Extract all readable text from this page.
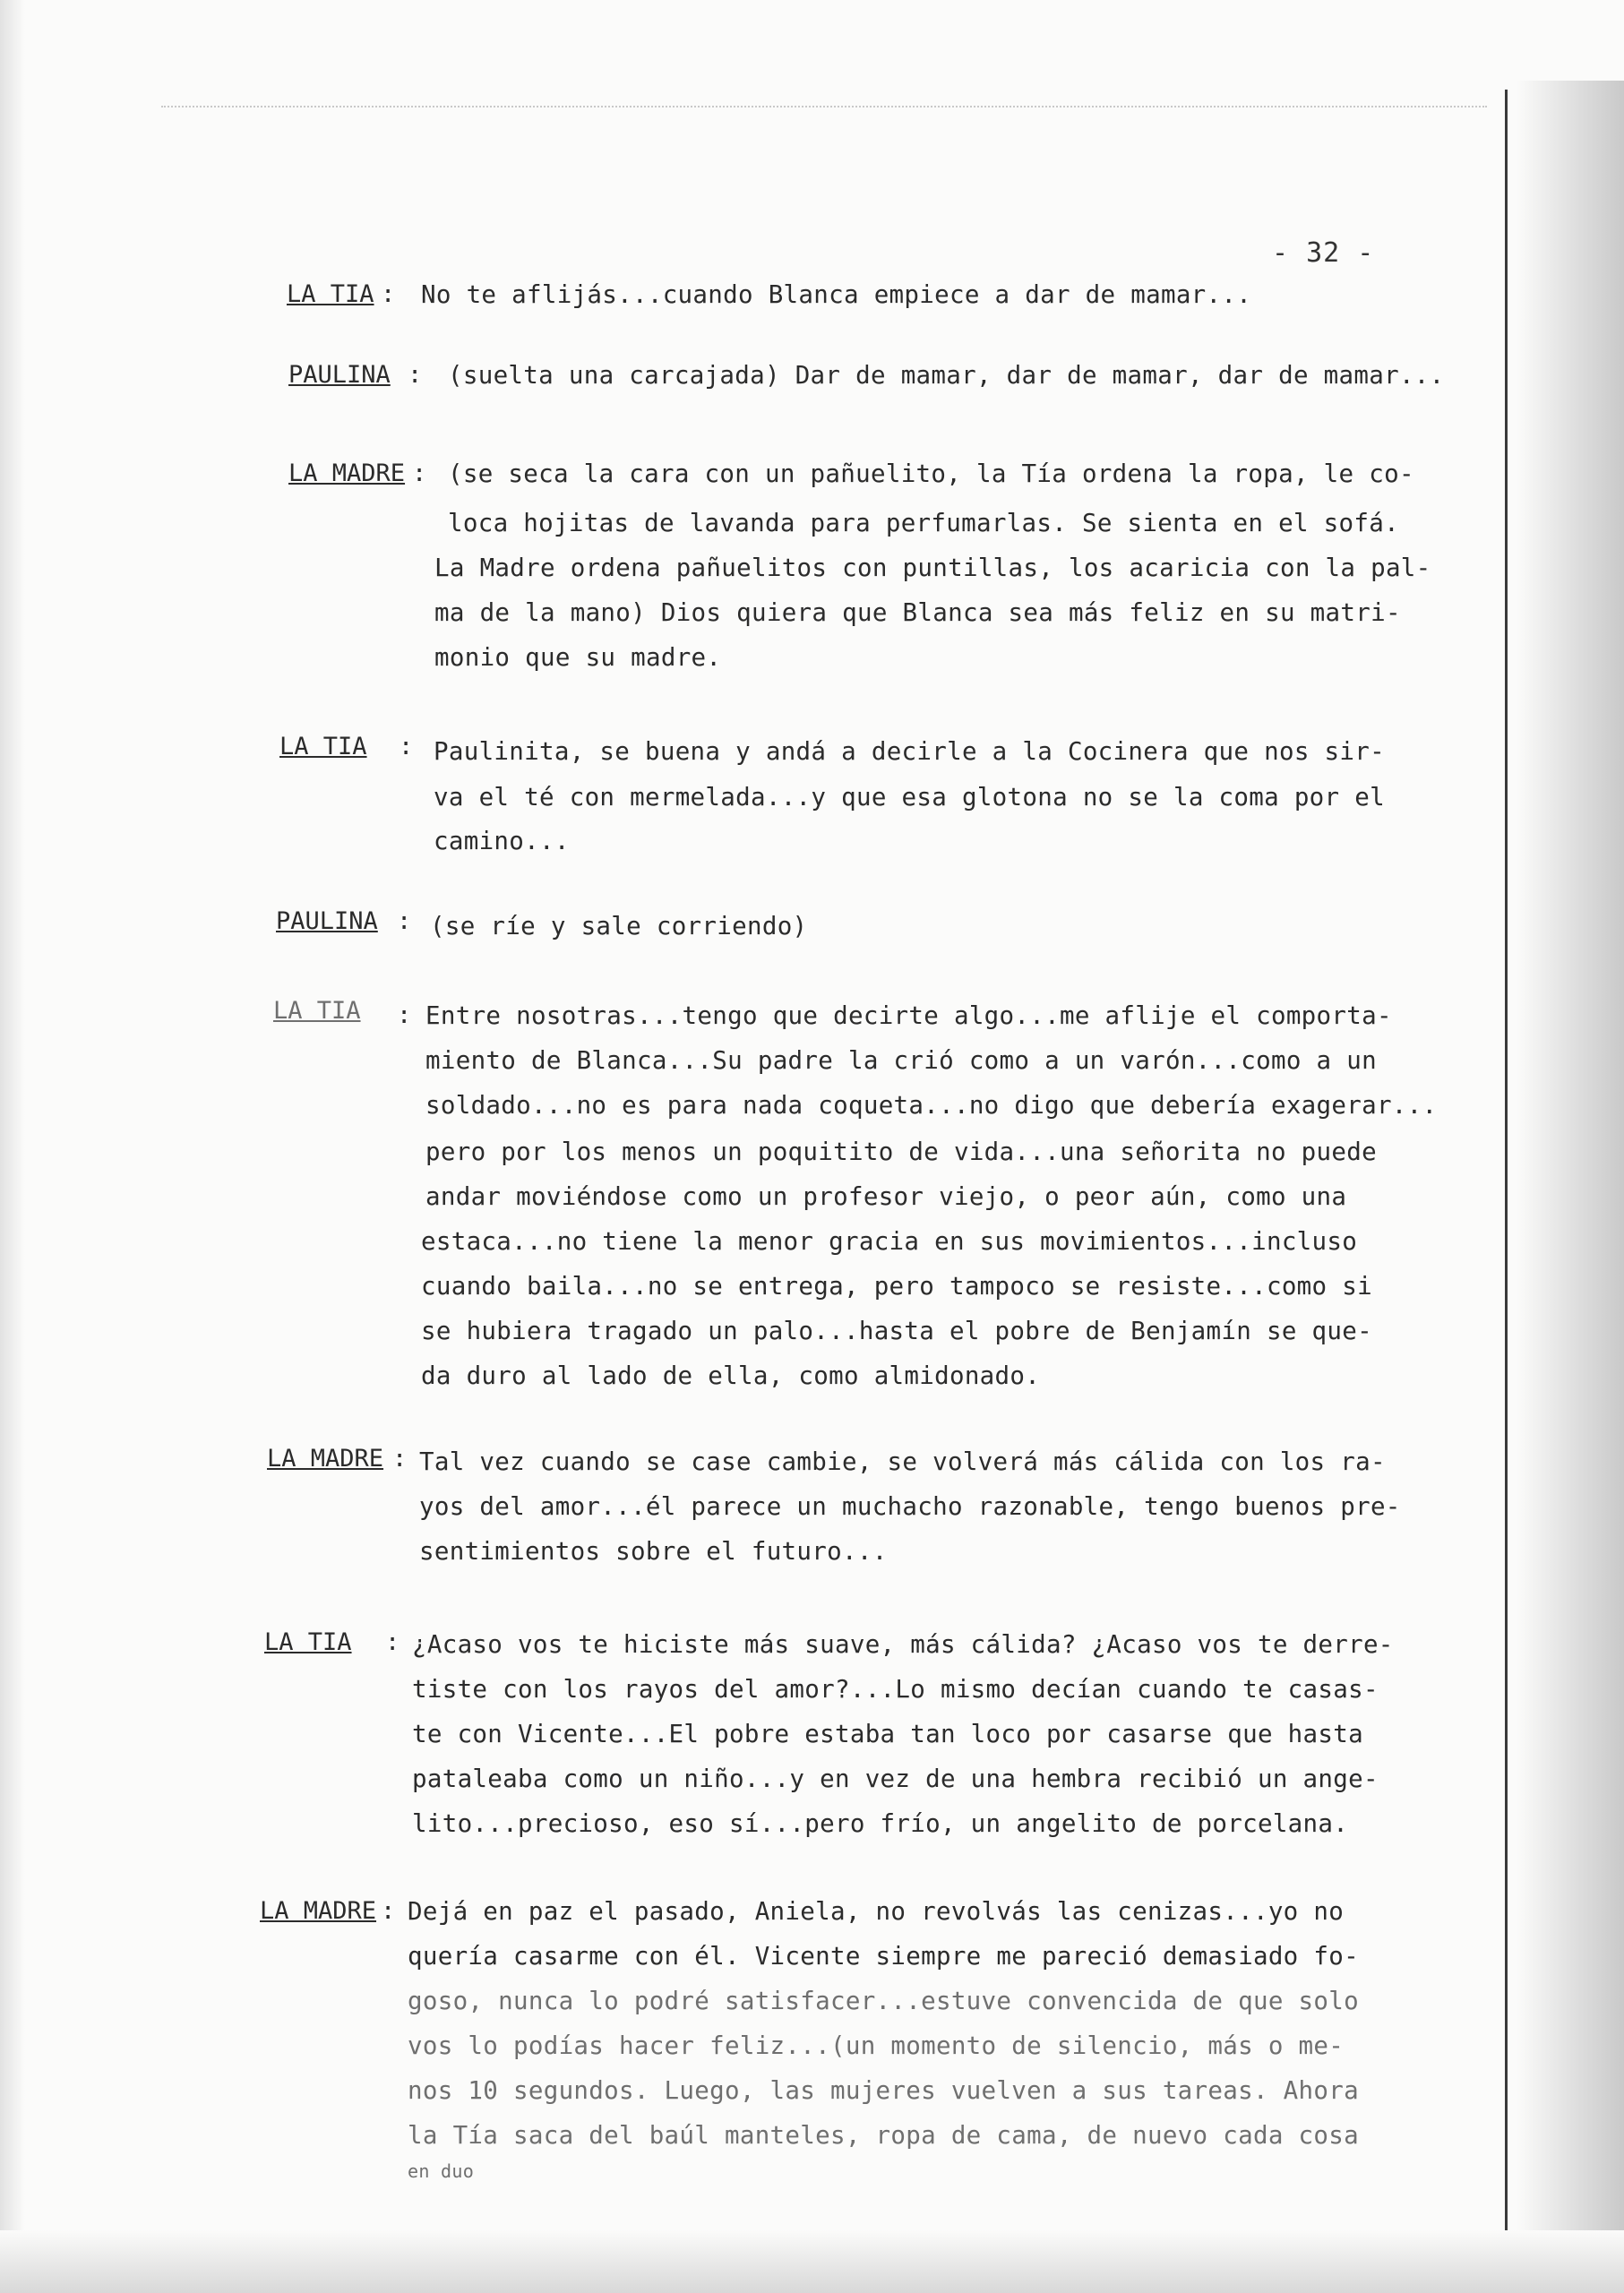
- 32 -
LA TIA : No te aflijás...cuando Blanca empiece a dar de mamar...
PAULINA : (suelta una carcajada) Dar de mamar, dar de mamar, dar de mamar...
LA MADRE : (se seca la cara con un pañuelito, la Tía ordena la ropa, le co-
loca hojitas de lavanda para perfumarlas. Se sienta en el sofá.
La Madre ordena pañuelitos con puntillas, los acaricia con la pal-
ma de la mano) Dios quiera que Blanca sea más feliz en su matri-
monio que su madre.
LA TIA : Paulinita, se buena y andá a decirle a la Cocinera que nos sir-
va el té con mermelada...y que esa glotona no se la coma por el
camino...
PAULINA : (se ríe y sale corriendo)
LA TIA : Entre nosotras...tengo que decirte algo...me aflije el comporta-
miento de Blanca...Su padre la crió como a un varón...como a un
soldado...no es para nada coqueta...no digo que debería exagerar...
pero por los menos un poquitito de vida...una señorita no puede
andar moviéndose como un profesor viejo, o peor aún, como una
estaca...no tiene la menor gracia en sus movimientos...incluso
cuando baila...no se entrega, pero tampoco se resiste...como si
se hubiera tragado un palo...hasta el pobre de Benjamín se que-
da duro al lado de ella, como almidonado.
LA MADRE : Tal vez cuando se case cambie, se volverá más cálida con los ra-
yos del amor...él parece un muchacho razonable, tengo buenos pre-
sentimientos sobre el futuro...
LA TIA : ¿Acaso vos te hiciste más suave, más cálida? ¿Acaso vos te derre-
tiste con los rayos del amor?...Lo mismo decían cuando te casas-
te con Vicente...El pobre estaba tan loco por casarse que hasta
pataleaba como un niño...y en vez de una hembra recibió un ange-
lito...precioso, eso sí...pero frío, un angelito de porcelana.
LA MADRE : Dejá en paz el pasado, Aniela, no revolvás las cenizas...yo no
quería casarme con él. Vicente siempre me pareció demasiado fo-
goso, nunca lo podré satisfacer...estuve convencida de que solo
vos lo podías hacer feliz...(un momento de silencio, más o me-
nos 10 segundos. Luego, las mujeres vuelven a sus tareas. Ahora
la Tía saca del baúl manteles, ropa de cama, de nuevo cada cosa
en duo
